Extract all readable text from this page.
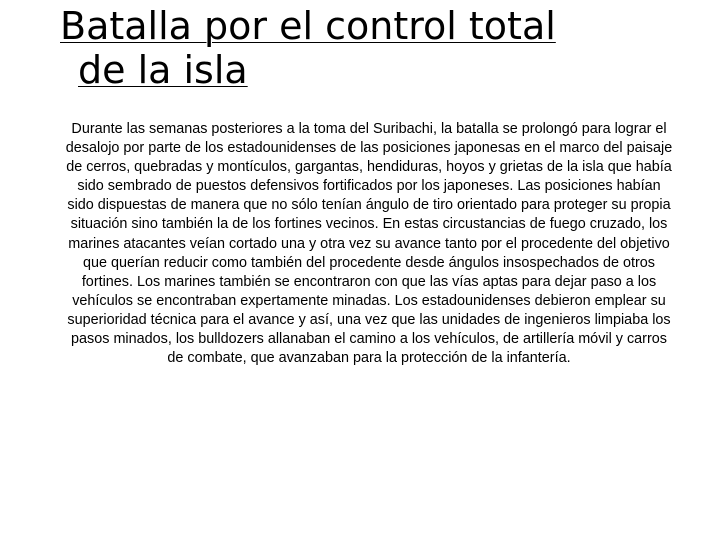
Batalla por el control total
de la isla

Durante las semanas posteriores a la toma del Suribachi, la batalla se prolongó para lograr el desalojo por parte de los estadounidenses de las posiciones japonesas en el marco del paisaje de cerros, quebradas y montículos, gargantas, hendiduras, hoyos y grietas de la isla que había sido sembrado de puestos defensivos fortificados por los japoneses. Las posiciones habían sido dispuestas de manera que no sólo tenían ángulo de tiro orientado para proteger su propia situación sino también la de los fortines vecinos. En estas circustancias de fuego cruzado, los marines atacantes veían cortado una y otra vez su avance tanto por el procedente del objetivo que querían reducir como también del procedente desde ángulos insospechados de otros fortines. Los marines también se encontraron con que las vías aptas para dejar paso a los vehículos se encontraban expertamente minadas. Los estadounidenses debieron emplear su superioridad técnica para el avance y así, una vez que las unidades de ingenieros limpiaba los pasos minados, los bulldozers allanaban el camino a los vehículos, de artillería móvil y carros de combate, que avanzaban para la protección de la infantería.
